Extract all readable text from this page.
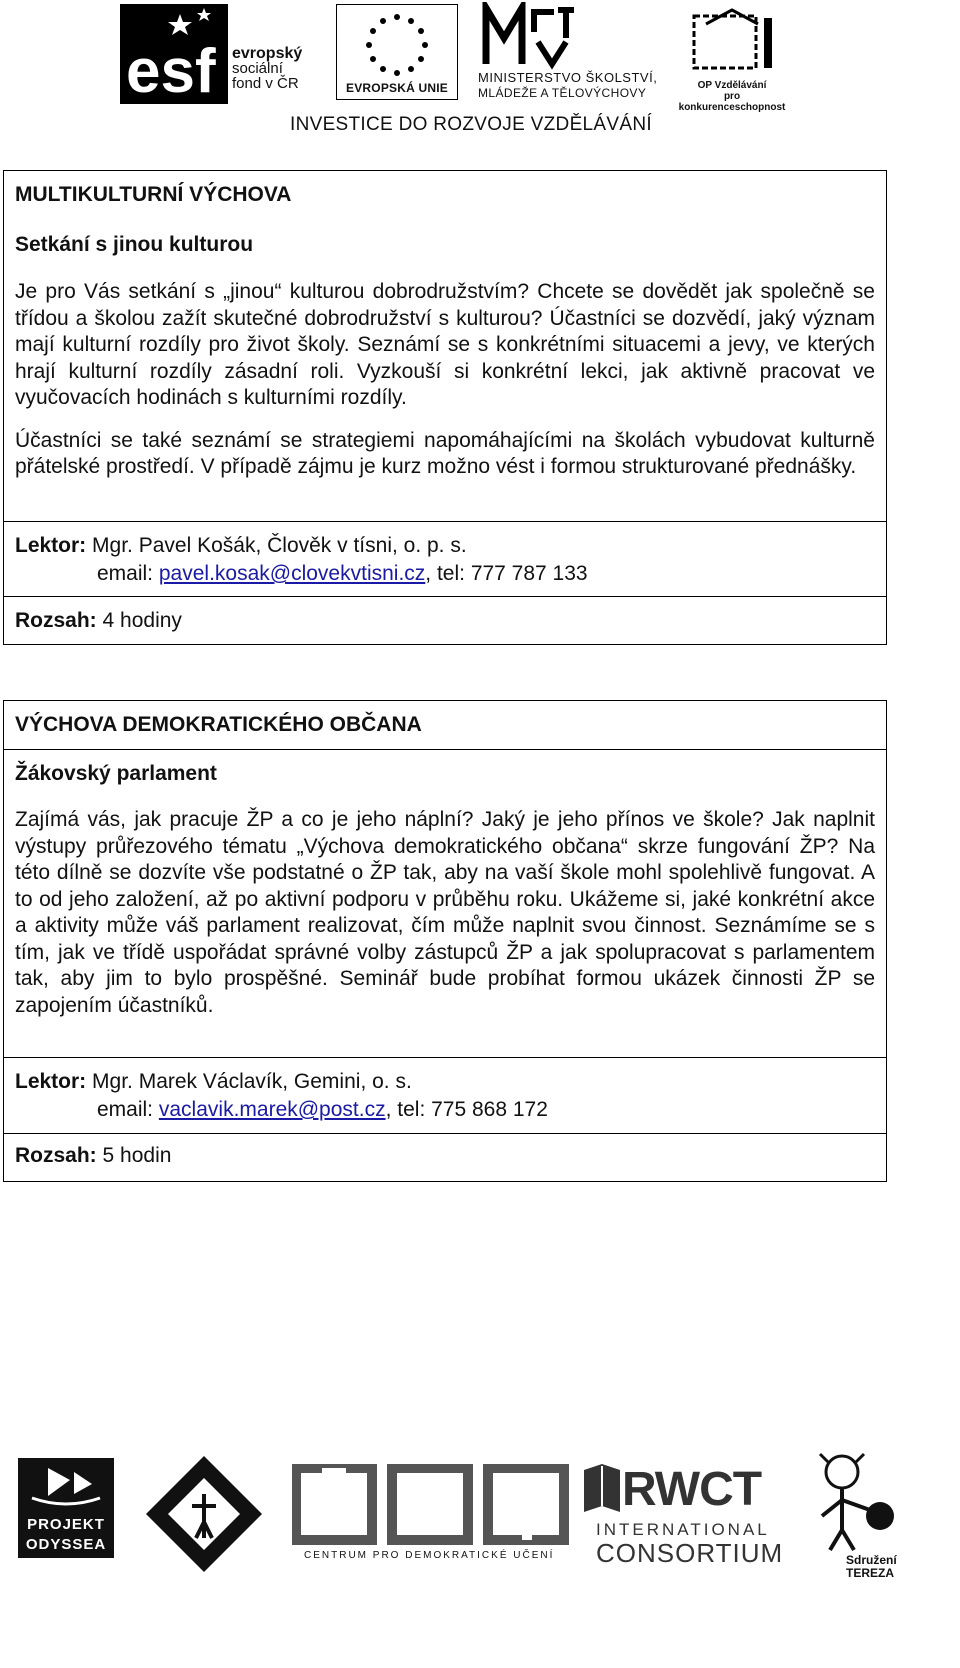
esf evropský
sociální
fond v ČR	EVROPSKÁ UNIE
MINISTERSTVO ŠKOLSTVÍ,
MLÁDEŽE A TĚLOVÝCHOVY
OP Vzdělávání
pro konkurenceschopnost
INVESTICE DO ROZVOJE VZDĚLÁVÁNÍ
MULTIKULTURNÍ VÝCHOVA
Setkání s jinou kulturou
Je pro Vás setkání s „jinou“ kulturou dobrodružstvím? Chcete se dovědět jak společně se třídou a školou zažít skutečné dobrodružství s kulturou? Účastníci se dozvědí, jaký význam mají kulturní rozdíly pro život školy. Seznámí se s konkrétními situacemi a jevy, ve kterých hrají kulturní rozdíly zásadní roli. Vyzkouší si konkrétní lekci, jak aktivně pracovat ve vyučovacích hodinách s kulturními rozdíly.
Účastníci se také seznámí se strategiemi napomáhajícími na školách vybudovat kulturně přátelské prostředí. V případě zájmu je kurz možno vést i formou strukturované přednášky.
Lektor: Mgr. Pavel Košák, Člověk v tísni, o. p. s.
email: pavel.kosak@clovekvtisni.cz, tel: 777 787 133
Rozsah: 4 hodiny
VÝCHOVA DEMOKRATICKÉHO OBČANA
Žákovský parlament
Zajímá vás, jak pracuje ŽP a co je jeho náplní? Jaký je jeho přínos ve škole? Jak naplnit výstupy průřezového tématu „Výchova demokratického občana“ skrze fungování ŽP? Na této dílně se dozvíte vše podstatné o ŽP tak, aby na vaší škole mohl spolehlivě fungovat. A to od jeho založení, až po aktivní podporu v průběhu roku. Ukážeme si, jaké konkrétní akce a aktivity může váš parlament realizovat, čím může naplnit svou činnost. Seznámíme se s tím, jak ve třídě uspořádat správné volby zástupců ŽP a jak spolupracovat s parlamentem tak, aby jim to bylo prospěšné. Seminář bude probíhat formou ukázek činnosti ŽP se zapojením účastníků.
Lektor: Mgr. Marek Václavík, Gemini, o. s.
email: vaclavik.marek@post.cz, tel: 775 868 172
Rozsah: 5 hodin
PROJEKT
ODYSSEA
CENTRUM PRO DEMOKRATICKÉ UČENÍ
RWCT
INTERNATIONAL
CONSORTIUM	Sdružení
TEREZA
